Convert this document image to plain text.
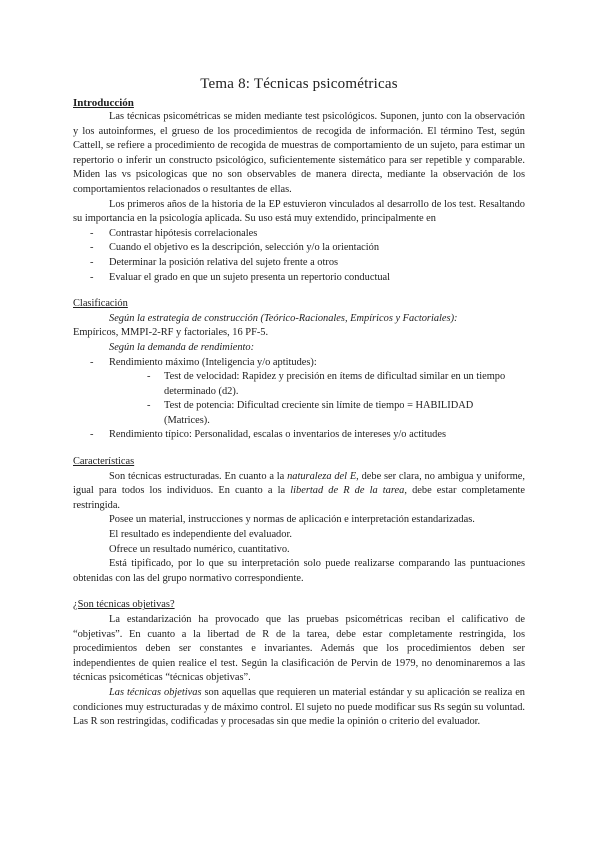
Tema 8: Técnicas psicométricas
Introducción

Las técnicas psicométricas se miden mediante test psicológicos. Suponen, junto con la observación y los autoinformes, el grueso de los procedimientos de recogida de información. El término Test, según Cattell, se refiere a procedimiento de recogida de muestras de comportamiento de un sujeto, para estimar un repertorio o inferir un constructo psicológico, suficientemente sistemático para ser repetible y comparable. Miden las vs psicologicas que no son observables de manera directa, mediante la observación de los comportamientos relacionados o resultantes de ellas.

Los primeros años de la historia de la EP estuvieron vinculados al desarrollo de los test. Resaltando su importancia en la psicología aplicada. Su uso está muy extendido, principalmente en

- Contrastar hipótesis correlacionales
- Cuando el objetivo es la descripción, selección y/o la orientación
- Determinar la posición relativa del sujeto frente a otros
- Evaluar el grado en que un sujeto presenta un repertorio conductual
Clasificación

Según la estrategia de construcción (Teórico-Racionales, Empíricos y Factoriales):

Empíricos, MMPI-2-RF y factoriales, 16 PF-5.

Según la demanda de rendimiento:

- Rendimiento máximo (Inteligencia y/o aptitudes):
- Test de velocidad: Rapidez y precisión en ítems de dificultad similar en un tiempo determinado (d2).
- Test de potencia: Dificultad creciente sin límite de tiempo = HABILIDAD (Matrices).
- Rendimiento típico: Personalidad, escalas o inventarios de intereses y/o actitudes
Características

Son técnicas estructuradas. En cuanto a la naturaleza del E, debe ser clara, no ambigua y uniforme, igual para todos los individuos. En cuanto a la libertad de R de la tarea, debe estar completamente restringida.

Posee un material, instrucciones y normas de aplicación e interpretación estandarizadas.

El resultado es independiente del evaluador.

Ofrece un resultado numérico, cuantitativo.

Está tipificado, por lo que su interpretación solo puede realizarse comparando las puntuaciones obtenidas con las del grupo normativo correspondiente.

¿Son técnicas objetivas?

La estandarización ha provocado que las pruebas psicométricas reciban el calificativo de “objetivas”. En cuanto a la libertad de R de la tarea, debe estar completamente restringida, los procedimientos deben ser constantes e invariantes. Además que los procedimientos deben ser independientes de quien realice el test. Según la clasificación de Pervin de 1979, no denominaremos a las técnicas psicométicas “técnicas objetivas”.

Las técnicas objetivas son aquellas que requieren un material estándar y su aplicación se realiza en condiciones muy estructuradas y de máximo control. El sujeto no puede modificar sus Rs según su voluntad. Las R son restringidas, codificadas y procesadas sin que medie la opinión o criterio del evaluador.
